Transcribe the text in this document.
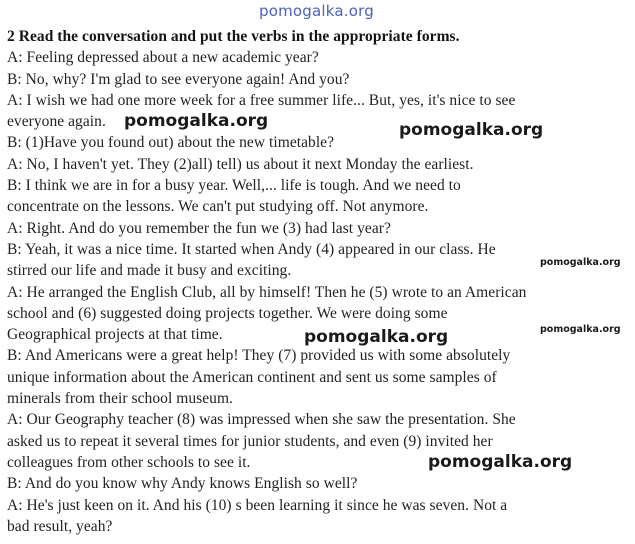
pomogalka.org
2 Read the conversation and put the verbs in the appropriate forms.
A: Feeling depressed about a new academic year?
B: No, why? I'm glad to see everyone again! And you?
A: I wish we had one more week for a free summer life... But, yes, it's nice to see
everyone again.
B: (1)Have you found out) about the new timetable?
A: No, I haven't yet. They (2)all) tell) us about it next Monday the earliest.
B: I think we are in for a busy year. Well,... life is tough. And we need to
concentrate on the lessons. We can't put studying off. Not anymore.
A: Right. And do you remember the fun we (3) had last year?
B: Yeah, it was a nice time. It started when Andy (4) appeared in our class. He
stirred our life and made it busy and exciting.
A: He arranged the English Club, all by himself! Then he (5) wrote to an American
school and (6) suggested doing projects together. We were doing some
Geographical projects at that time.
B: And Americans were a great help! They (7) provided us with some absolutely
unique information about the American continent and sent us some samples of
minerals from their school museum.
A: Our Geography teacher (8) was impressed when she saw the presentation. She
asked us to repeat it several times for junior students, and even (9) invited her
colleagues from other schools to see it.
B: And do you know why Andy knows English so well?
A: He's just keen on it. And his (10) s been learning it since he was seven. Not a
bad result, yeah?
pomogalka.org	pomogalka.org
pomogalka.org
pomogalka.org
pomogalka.org
pomogalka.org
